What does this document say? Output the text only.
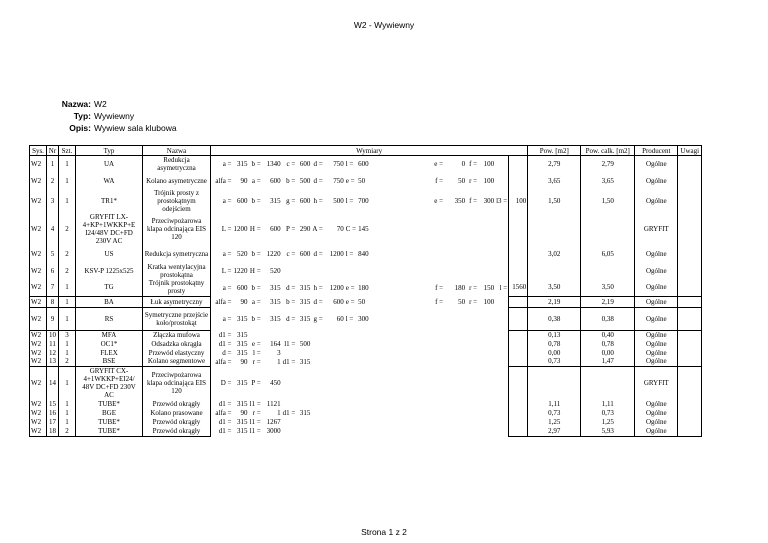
W2 - Wywiewny
Nazwa: W2
Typ: Wywiewny
Opis: Wywiew sala klubowa
Sys.	Nr	Szt.	Typ	Nazwa	Wymiary																Pow. [m2]	Pow. calk. [m2]	Producent	Uwagi
W2	1	1	UA	Redukcja asymetryczna	a =	315	b =	1340	c =	600	d =	750	l =	600	e =	0	f =	100			2,79	2,79	Ogólne	
W2	2	1	WA	Kolano asymetryczne	alfa =	90	a =	600	b =	500	d =	750	e =	50	f =	50	r =	100			3,65	3,65	Ogólne	
W2	3	1	TR1*	Trójnik prosty z prostokątnym odejściem	a =	600	b =	315	g =	600	h =	500	l =	700	e =	350	f =	300	l3 =	100	1,50	1,50	Ogólne	
W2	4	2	GRYFIT LX-4+KP+1WKKP+E I24/48V DC+FD 230V AC	Przeciwpożarowa klapa odcinająca EIS 120	L =	1200	H =	600	P =	290	A =	70	C =	145									GRYFIT	
W2	5	2	US	Redukcja symetryczna	a =	520	b =	1220	c =	600	d =	1200	l =	840							3,02	6,05	Ogólne	
W2	6	2	KSV-P 1225x525	Kratka wentylacyjna prostokątna	L =	1220	H =	520															Ogólne	
W2	7	1	TG	Trójnik prostokątny prosty	a =	600	b =	315	d =	315	h =	1200	e =	180	f =	180	r =	150	l =	1560	3,50	3,50	Ogólne	
W2	8	1	BA	Łuk asymetryczny	alfa =	90	a =	315	b =	315	d =	600	e =	50	f =	50	r =	100			2,19	2,19	Ogólne	
W2	9	1	RS	Symetryczne przejście koło/prostokąt	a =	315	b =	315	d =	315	g =	60	l =	300							0,38	0,38	Ogólne	
W2	10	3	MFA	Złączka mufowa	d1 =	315															0,13	0,40	Ogólne	
W2	11	1	OC1*	Odsadzka okrągła	d1 =	315	e =	164	l1 =	500											0,78	0,78	Ogólne	
W2	12	1	FLEX	Przewód elastyczny	d =	315	l =	3													0,00	0,00	Ogólne	
W2	13	2	BSE	Kolano segmentowe	alfa =	90	r =	1	d1 =	315											0,73	1,47	Ogólne	
W2	14	1	GRYFIT CX-4+1WKKP+EI24/ 48V DC+FD 230V AC	Przeciwpożarowa klapa odcinająca EIS 120	D =	315	P =	450															GRYFIT	
W2	15	1	TUBE*	Przewód okrągły	d1 =	315	l1 =	1121													1,11	1,11	Ogólne	
W2	16	1	BGE	Kolano prasowane	alfa =	90	r =	1	d1 =	315											0,73	0,73	Ogólne	
W2	17	1	TUBE*	Przewód okrągły	d1 =	315	l1 =	1267													1,25	1,25	Ogólne	
W2	18	2	TUBE*	Przewód okrągły	d1 =	315	l1 =	3000													2,97	5,93	Ogólne	
Strona 1 z 2
